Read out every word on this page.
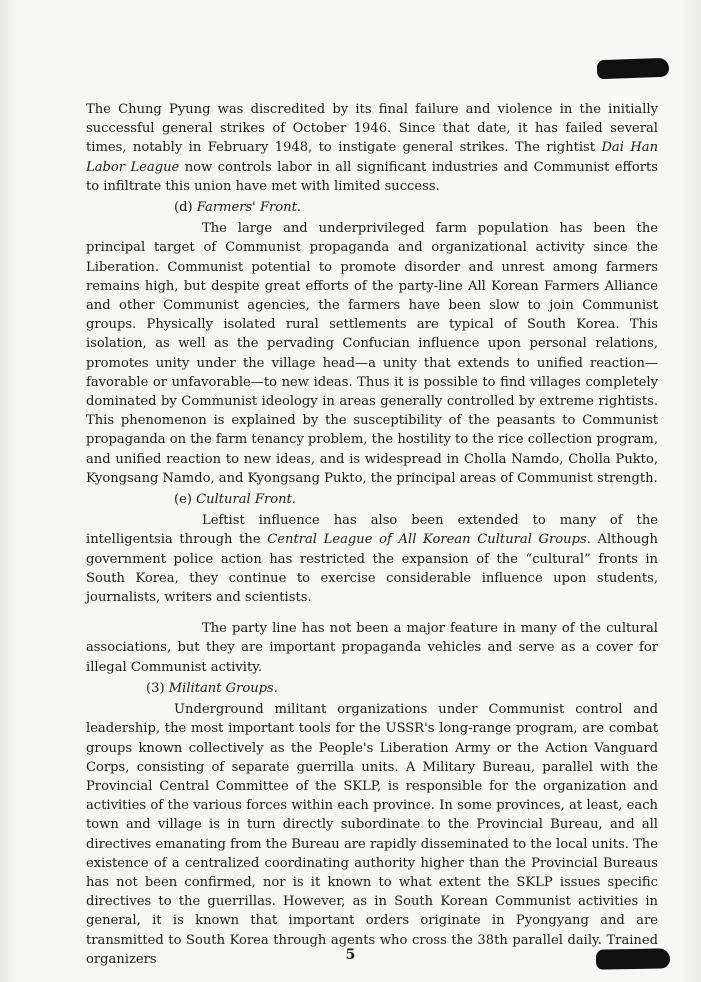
The Chung Pyung was discredited by its final failure and violence in the initially successful general strikes of October 1946. Since that date, it has failed several times, notably in February 1948, to instigate general strikes. The rightist Dai Han Labor League now controls labor in all significant industries and Communist efforts to infiltrate this union have met with limited success.

(d) Farmers' Front.

The large and underprivileged farm population has been the principal target of Communist propaganda and organizational activity since the Liberation. Communist potential to promote disorder and unrest among farmers remains high, but despite great efforts of the party-line All Korean Farmers Alliance and other Communist agencies, the farmers have been slow to join Communist groups. Physically isolated rural settlements are typical of South Korea. This isolation, as well as the pervading Confucian influence upon personal relations, promotes unity under the village head—a unity that extends to unified reaction—favorable or unfavorable—to new ideas. Thus it is possible to find villages completely dominated by Communist ideology in areas generally controlled by extreme rightists. This phenomenon is explained by the susceptibility of the peasants to Communist propaganda on the farm tenancy problem, the hostility to the rice collection program, and unified reaction to new ideas, and is widespread in Cholla Namdo, Cholla Pukto, Kyongsang Namdo, and Kyongsang Pukto, the principal areas of Communist strength.

(e) Cultural Front.

Leftist influence has also been extended to many of the intelligentsia through the Central League of All Korean Cultural Groups. Although government police action has restricted the expansion of the “cultural” fronts in South Korea, they continue to exercise considerable influence upon students, journalists, writers and scientists.

The party line has not been a major feature in many of the cultural associations, but they are important propaganda vehicles and serve as a cover for illegal Communist activity.

(3) Militant Groups.

Underground militant organizations under Communist control and leadership, the most important tools for the USSR's long-range program, are combat groups known collectively as the People's Liberation Army or the Action Vanguard Corps, consisting of separate guerrilla units. A Military Bureau, parallel with the Provincial Central Committee of the SKLP, is responsible for the organization and activities of the various forces within each province. In some provinces, at least, each town and village is in turn directly subordinate to the Provincial Bureau, and all directives emanating from the Bureau are rapidly disseminated to the local units. The existence of a centralized coordinating authority higher than the Provincial Bureaus has not been confirmed, nor is it known to what extent the SKLP issues specific directives to the guerrillas. However, as in South Korean Communist activities in general, it is known that important orders originate in Pyongyang and are transmitted to South Korea through agents who cross the 38th parallel daily. Trained organizers	5
